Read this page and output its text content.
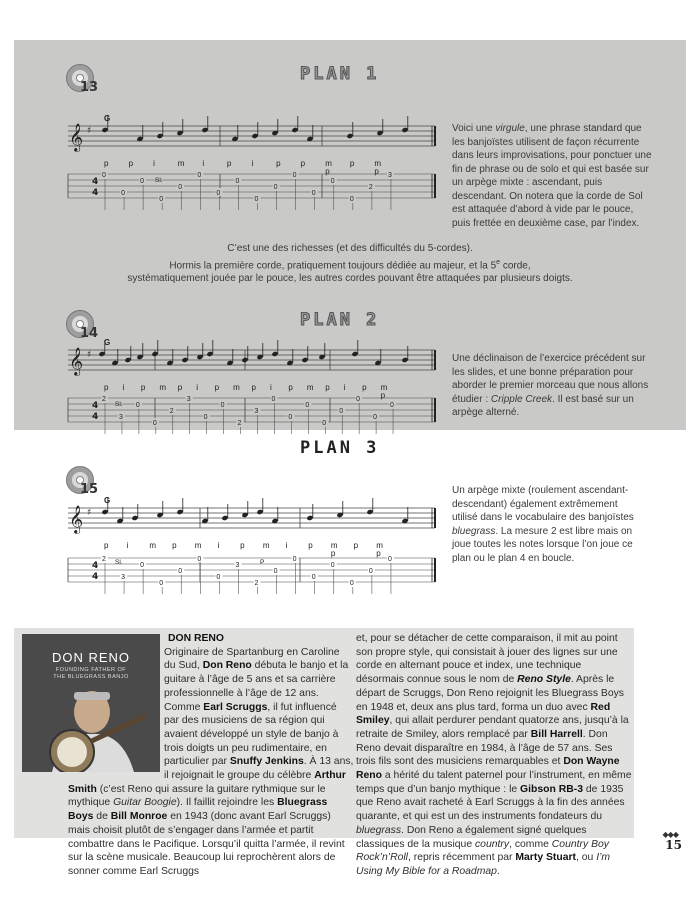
13
PLAN 1
G
𝄞 ♯
p	p	i	m i	p	i	p	p	m
p
p	m
p
Sl.
4
4
0
0
0
0
0
0
0
0
0
0
0
0
0
0
2
3
Voici une virgule, une phrase standard que les banjoïstes utilisent de façon récurrente dans leurs improvisations, pour ponctuer une fin de phrase ou de solo et qui est basée sur un arpège mixte : ascendant, puis descendant. On notera que la corde de Sol est attaquée d’abord à vide par le pouce, puis frettée en deuxième case, par l’index.

C’est une des richesses (et des difficultés du 5-cordes).

Hormis la première corde, pratiquement toujours dédiée au majeur, et la 5e corde,

systématiquement jouée par le pouce, les autres cordes pouvant être attaquées par plusieurs doigts.

14
PLAN 2
G
𝄞 ♯
p i p m p i p m p i p m p i p m
p
Sl.
4
4
2
3
0
0
2
3
0
0
2
3
0
0
0
0
0
0
0
0
Une déclinaison de l’exercice précédent sur les slides, et une bonne préparation pour aborder le premier morceau que nous allons étudier : Cripple Creek. Il est basé sur un arpège alterné.
15
PLAN 3
G
𝄞 ♯
p i	m p m i	p m i	p m
p
p m
p
Sl.	P
4
4
2
3
0
0
0
0
0
3
2
0
0
0
0
0
0
0
Un arpège mixte (roulement ascendant-descendant) également extrêmement utilisé dans le vocabulaire des banjoïstes bluegrass. La mesure 2 est libre mais on joue toutes les notes lorsque l’on joue ce plan ou le plan 4 en boucle.
DON RENO
FOUNDING FATHER OF
THE BLUEGRASS BANJO
DON RENO
Originaire de Spartanburg en Caroline du Sud, Don Reno débuta le banjo et la guitare à l’âge de 5 ans et sa carrière professionnelle à l’âge de 12 ans. Comme Earl Scruggs, il fut influencé par des musiciens de sa région qui avaient développé un style de banjo à trois doigts un peu rudimentaire, en particulier par Snuffy Jenkins. À 13 ans, il rejoignait le groupe du célèbre Arthur Smith (c’est Reno qui assure la guitare rythmique sur le mythique Guitar Boogie). Il faillit rejoindre les Bluegrass Boys de Bill Monroe en 1943 (donc avant Earl Scruggs) mais choisit plutôt de s’engager dans l’armée et partit combattre dans le Pacifique. Lorsqu’il quitta l’armée, il revint sur la scène musicale. Beaucoup lui reprochèrent alors de sonner comme Earl Scruggs
et, pour se détacher de cette comparaison, il mit au point son propre style, qui consistait à jouer des lignes sur une corde en alternant pouce et index, une technique désormais connue sous le nom de Reno Style. Après le départ de Scruggs, Don Reno rejoignit les Bluegrass Boys en 1948 et, deux ans plus tard, forma un duo avec Red Smiley, qui allait perdurer pendant quatorze ans, jusqu’à la retraite de Smiley, alors remplacé par Bill Harrell. Don Reno devait disparaître en 1984, à l’âge de 57 ans. Ses trois fils sont des musiciens remarquables et Don Wayne Reno a hérité du talent paternel pour l’instrument, en même temps que d’un banjo mythique : le Gibson RB-3 de 1935 que Reno avait racheté à Earl Scruggs à la fin des années quarante, et qui est un des instruments fondateurs du bluegrass. Don Reno a également signé quelques classiques de la musique country, comme Country Boy Rock’n’Roll, repris récemment par Marty Stuart, ou I’m Using My Bible for a Roadmap.
◆◆◆
15
